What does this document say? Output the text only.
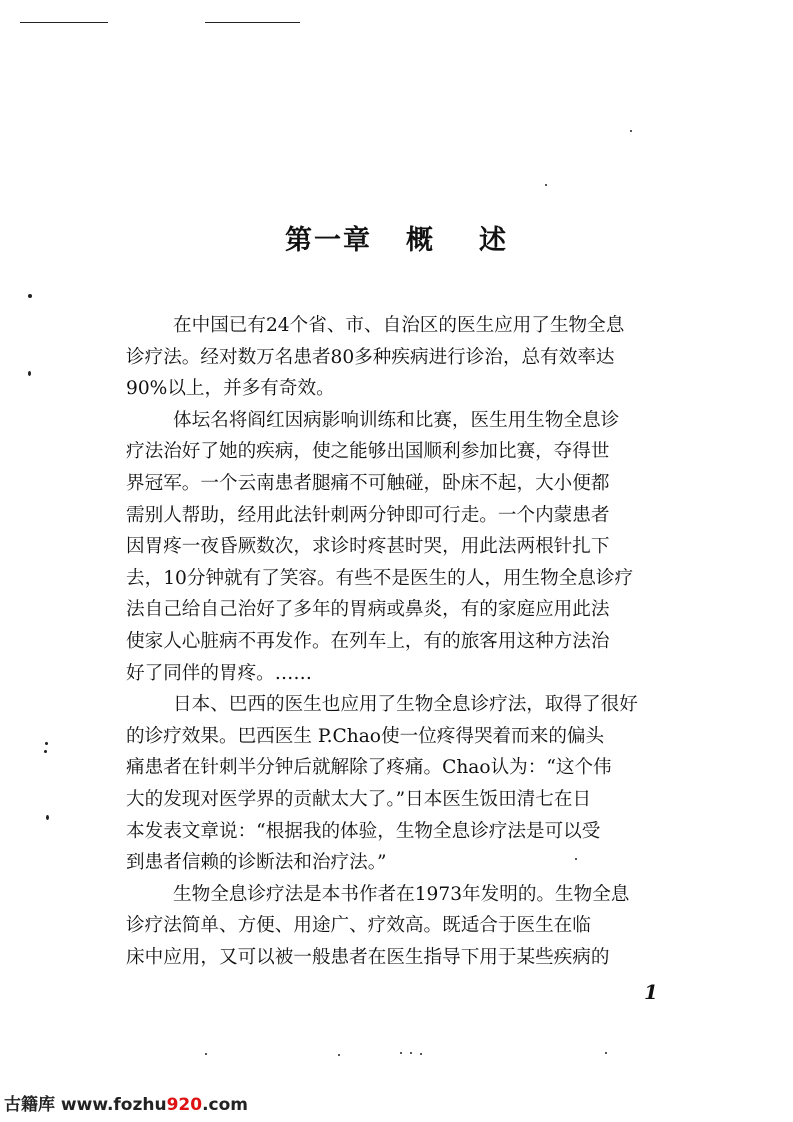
第一章 概 述
在中国已有24个省、市、自治区的医生应用了生物全息
诊疗法。经对数万名患者80多种疾病进行诊治，总有效率达
90%以上，并多有奇效。
体坛名将阎红因病影响训练和比赛，医生用生物全息诊
疗法治好了她的疾病，使之能够出国顺利参加比赛，夺得世
界冠军。一个云南患者腿痛不可触碰，卧床不起，大小便都
需别人帮助，经用此法针刺两分钟即可行走。一个内蒙患者
因胃疼一夜昏厥数次，求诊时疼甚时哭，用此法两根针扎下
去，10分钟就有了笑容。有些不是医生的人，用生物全息诊疗
法自己给自己治好了多年的胃病或鼻炎，有的家庭应用此法
使家人心脏病不再发作。在列车上，有的旅客用这种方法治
好了同伴的胃疼。……
日本、巴西的医生也应用了生物全息诊疗法，取得了很好
的诊疗效果。巴西医生 P.Chao使一位疼得哭着而来的偏头
痛患者在针刺半分钟后就解除了疼痛。Chao认为：“这个伟
大的发现对医学界的贡献太大了。”日本医生饭田清七在日
本发表文章说：“根据我的体验，生物全息诊疗法是可以受
到患者信赖的诊断法和治疗法。”
生物全息诊疗法是本书作者在1973年发明的。生物全息
诊疗法简单、方便、用途广、疗效高。既适合于医生在临
床中应用，又可以被一般患者在医生指导下用于某些疾病的
1
古籍库 www.fozhu920.com
